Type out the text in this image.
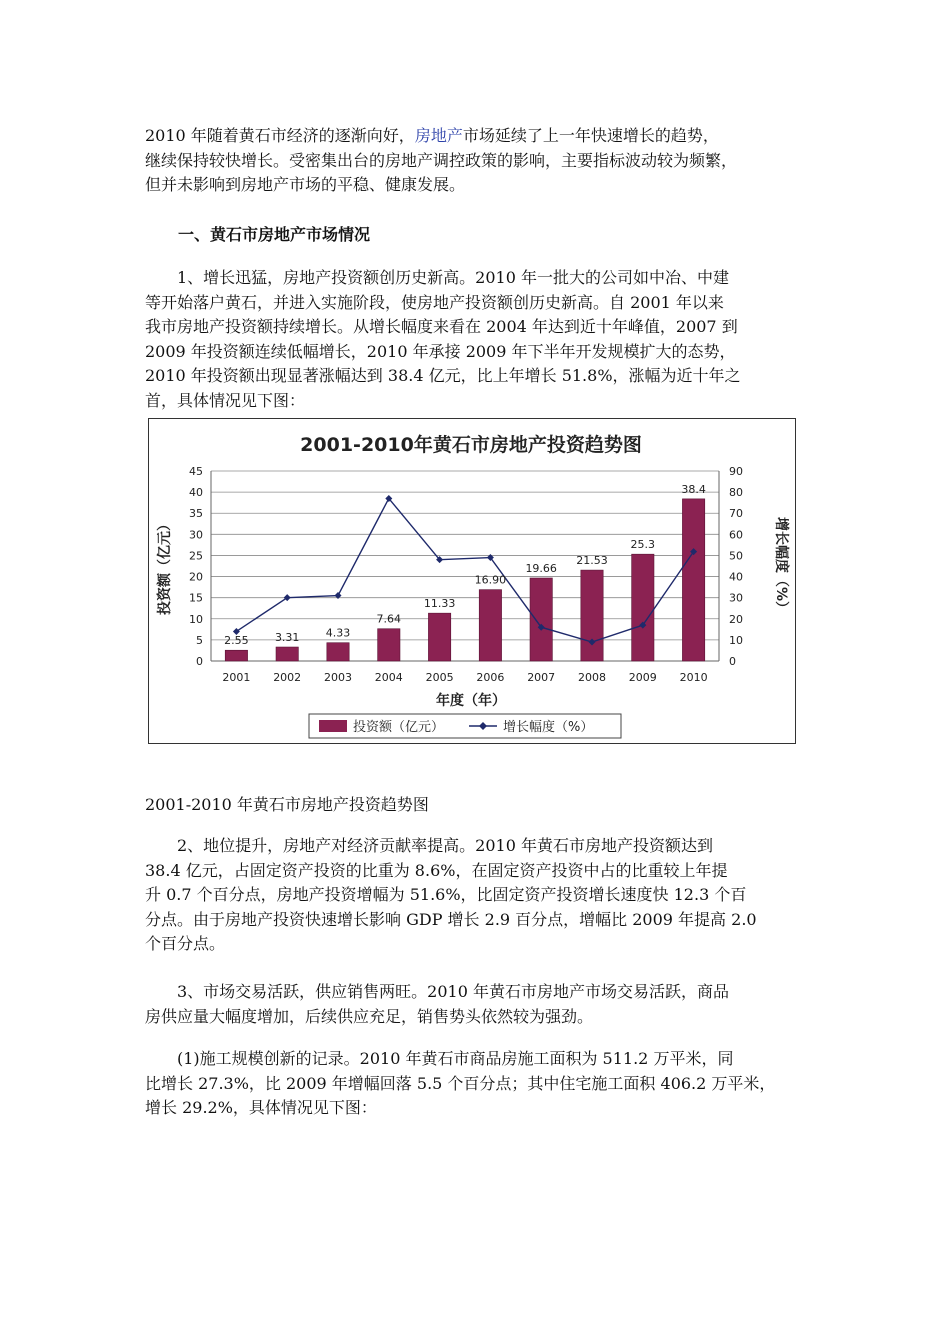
2010 年随着黄石市经济的逐渐向好，房地产市场延续了上一年快速增长的趋势，
继续保持较快增长。受密集出台的房地产调控政策的影响，主要指标波动较为频繁，
但并未影响到房地产市场的平稳、健康发展。
一、黄石市房地产市场情况
1、增长迅猛，房地产投资额创历史新高。2010 年一批大的公司如中冶、中建
等开始落户黄石，并进入实施阶段，使房地产投资额创历史新高。自 2001 年以来
我市房地产投资额持续增长。从增长幅度来看在 2004 年达到近十年峰值，2007 到
2009 年投资额连续低幅增长，2010 年承接 2009 年下半年开发规模扩大的态势，
2010 年投资额出现显著涨幅达到 38.4 亿元，比上年增长 51.8%，涨幅为近十年之
首，具体情况见下图：
2001-2010年黄石市房地产投资趋势图
0
5
10
15
20
25
30
35
40
45
0
10
20
30
40
50
60
70
80
90
2001 2002 2003 2004 2005 2006 2007 2008 2009 2010
2.55 3.31 4.33
7.64
11.33
16.90
19.66
21.53
25.3
38.4
投资额（亿元）	增长幅度（%）
年度（年）
投资额（亿元）	增长幅度（%）
2001-2010 年黄石市房地产投资趋势图
2、地位提升，房地产对经济贡献率提高。2010 年黄石市房地产投资额达到
38.4 亿元，占固定资产投资的比重为 8.6%，在固定资产投资中占的比重较上年提
升 0.7 个百分点，房地产投资增幅为 51.6%，比固定资产投资增长速度快 12.3 个百
分点。由于房地产投资快速增长影响 GDP 增长 2.9 百分点，增幅比 2009 年提高 2.0
个百分点。
3、市场交易活跃，供应销售两旺。2010 年黄石市房地产市场交易活跃，商品
房供应量大幅度增加，后续供应充足，销售势头依然较为强劲。
(1)施工规模创新的记录。2010 年黄石市商品房施工面积为 511.2 万平米，同
比增长 27.3%，比 2009 年增幅回落 5.5 个百分点；其中住宅施工面积 406.2 万平米，
增长 29.2%，具体情况见下图：
